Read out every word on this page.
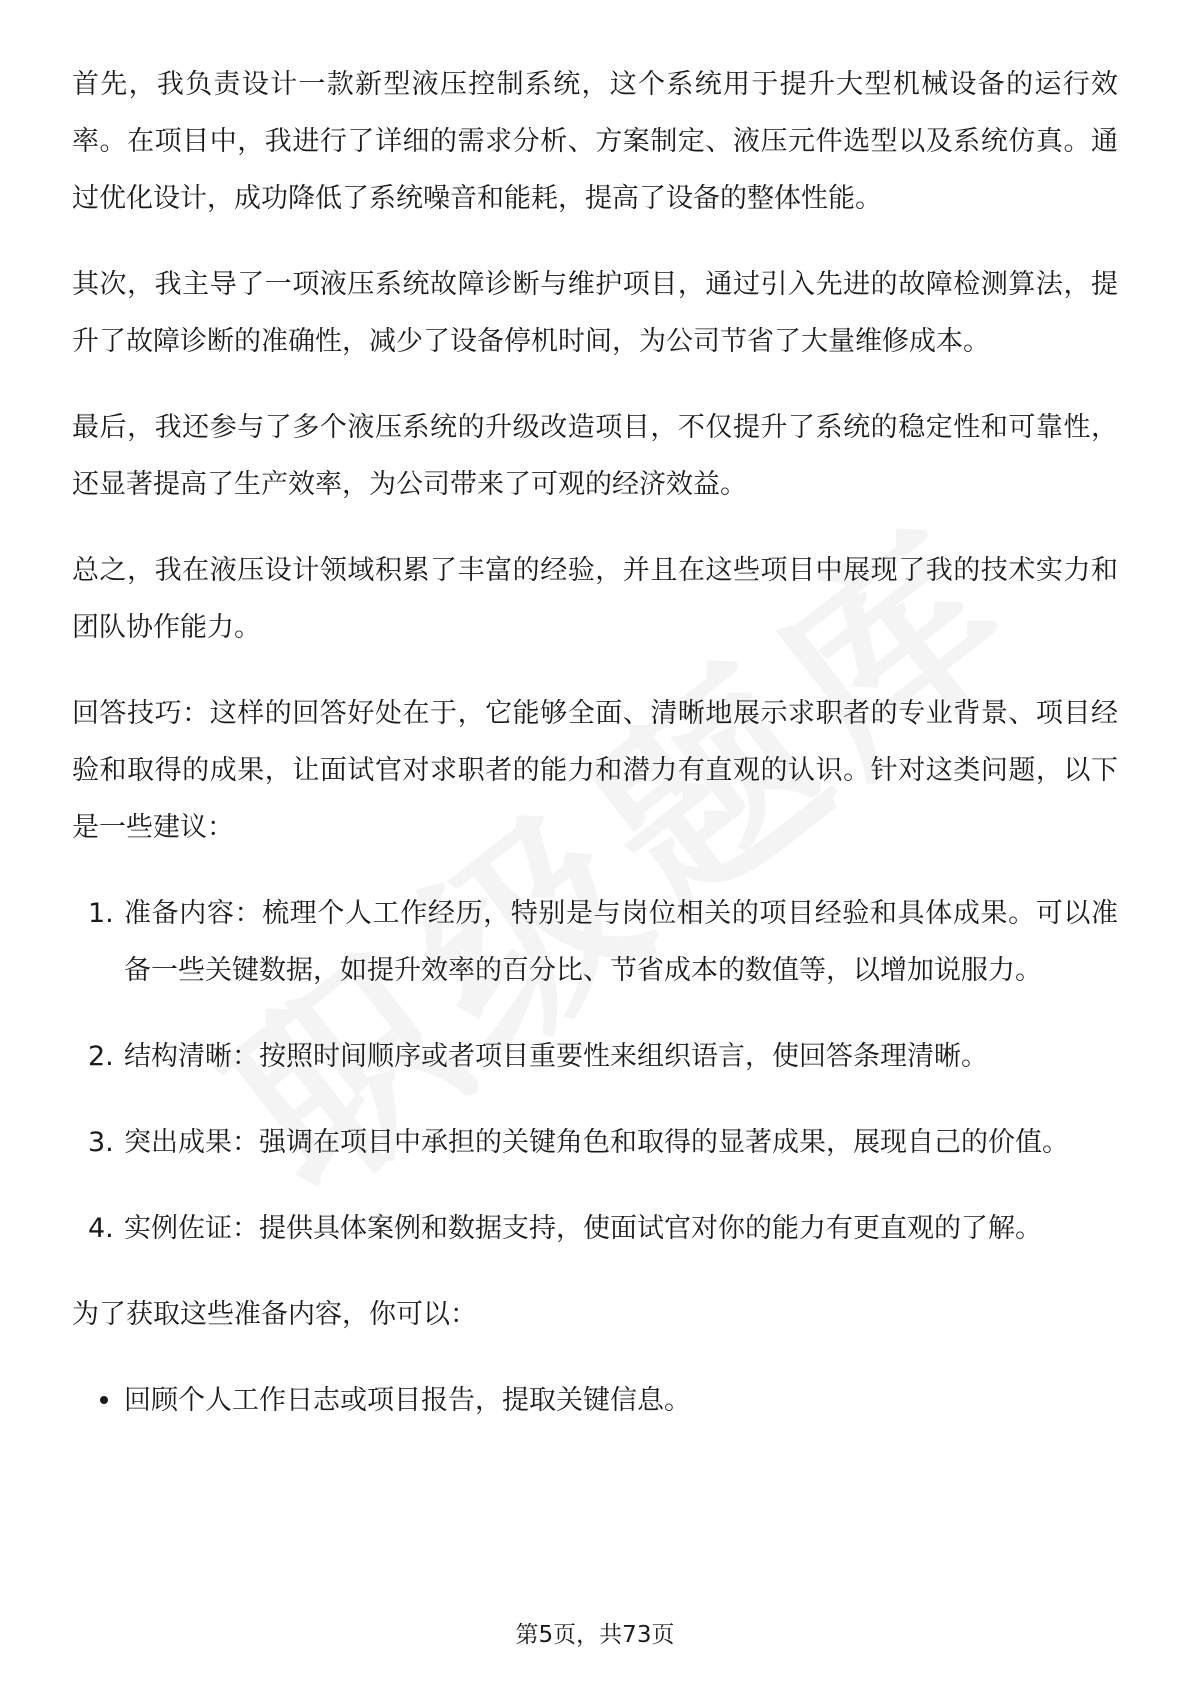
首先，我负责设计一款新型液压控制系统，这个系统用于提升大型机械设备的运行效率。在项目中，我进行了详细的需求分析、方案制定、液压元件选型以及系统仿真。通过优化设计，成功降低了系统噪音和能耗，提高了设备的整体性能。

其次，我主导了一项液压系统故障诊断与维护项目，通过引入先进的故障检测算法，提升了故障诊断的准确性，减少了设备停机时间，为公司节省了大量维修成本。

最后，我还参与了多个液压系统的升级改造项目，不仅提升了系统的稳定性和可靠性，还显著提高了生产效率，为公司带来了可观的经济效益。

总之，我在液压设计领域积累了丰富的经验，并且在这些项目中展现了我的技术实力和团队协作能力。

回答技巧：这样的回答好处在于，它能够全面、清晰地展示求职者的专业背景、项目经验和取得的成果，让面试官对求职者的能力和潜力有直观的认识。针对这类问题，以下是一些建议：

1. 准备内容：梳理个人工作经历，特别是与岗位相关的项目经验和具体成果。可以准备一些关键数据，如提升效率的百分比、节省成本的数值等，以增加说服力。
2. 结构清晰：按照时间顺序或者项目重要性来组织语言，使回答条理清晰。
3. 突出成果：强调在项目中承担的关键角色和取得的显著成果，展现自己的价值。
4. 实例佐证：提供具体案例和数据支持，使面试官对你的能力有更直观的了解。

为了获取这些准备内容，你可以：

回顾个人工作日志或项目报告，提取关键信息。
第5页，共73页
